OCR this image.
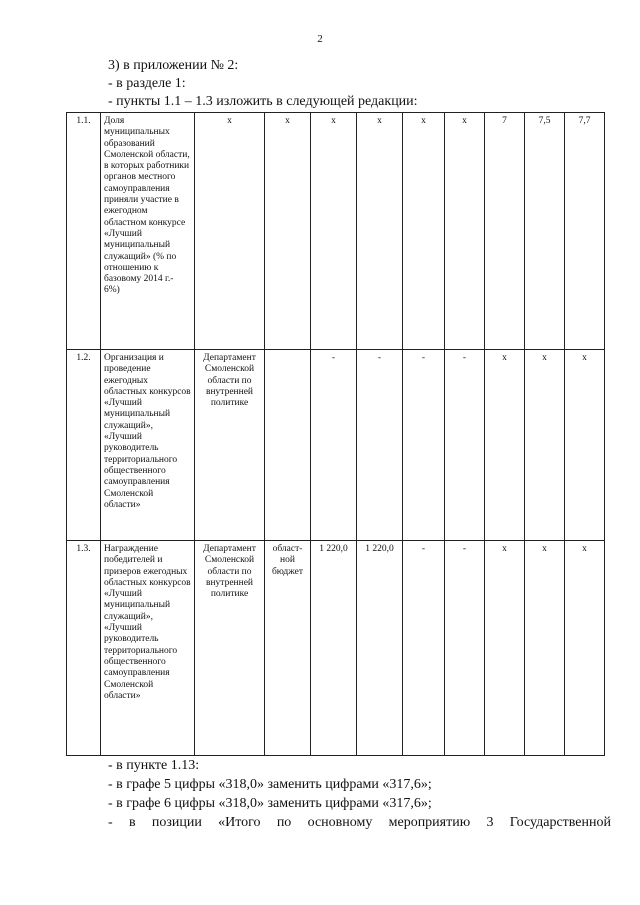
2
3) в приложении № 2:
- в разделе 1:
- пункты 1.1 – 1.3 изложить в следующей редакции:
1.1.	Доля муниципальных образований Смоленской области, в которых работники органов местного самоуправления приняли участие в ежегодном областном конкурсе «Лучший муниципальный служащий» (% по отношению к базовому 2014 г.- 6%)	х	х	х	х	х	х	7	7,5	7,7
1.2.	Организация и проведение ежегодных областных конкурсов «Лучший муниципальный служащий», «Лучший руководитель территориального общественного самоуправления Смоленской области»	Департамент Смоленской области по внутренней политике		-	-	-	-	х	х	х
1.3.	Награждение победителей и призеров ежегодных областных конкурсов «Лучший муниципальный служащий», «Лучший руководитель территориального общественного самоуправления Смоленской области»	Департамент Смоленской области по внутренней политике	област-ной бюджет	1 220,0	1 220,0	-	-	х	х	х
- в пункте 1.13:
- в графе 5 цифры «318,0» заменить цифрами «317,6»;
- в графе 6 цифры «318,0» заменить цифрами «317,6»;
- в позиции «Итого по основному мероприятию 3 Государственной
